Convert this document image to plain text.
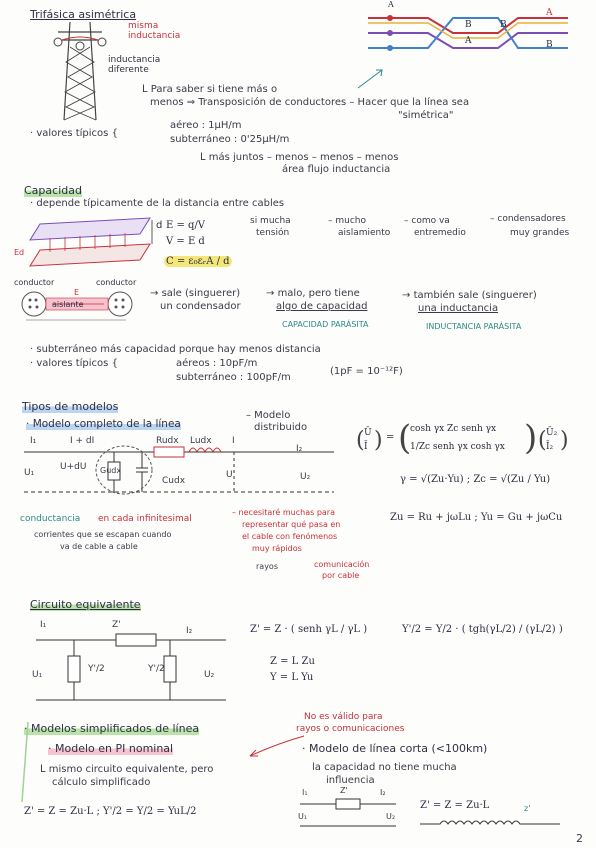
Trifásica asimétrica
misma inductancia
inductancia diferente
A
A
B
B
A
B
ᒪ Para saber si tiene más o
menos ⇒ Transposición de conductores – Hacer que la línea sea
"simétrica"
· valores típicos {
aéreo : 1μH/m
subterráneo : 0'25μH/m
ᒪ más juntos – menos – menos – menos
área flujo inductancia
Capacidad
· depende típicamente de la distancia entre cables
Ed
d E = q/V
V = E d
C = ε₀εᵣA / d
si mucha
tensión
– mucho
aislamiento
– como va
entremedio
– condensadores
muy grandes
conductor	conductor
E
aislante
→ sale (singuerer)
un condensador
→ malo, pero tiene
algo de capacidad
CAPACIDAD PARÁSITA
→ también sale (singuerer)
una inductancia
INDUCTANCIA PARÁSITA
· subterráneo más capacidad porque hay menos distancia
· valores típicos {	aéreos : 10pF/m
subterráneo : 100pF/m
(1pF = 10⁻¹²F)
Tipos de modelos
· Modelo completo de la línea
– Modelo
distribuido
I₁	I + dI	Rudx Ludx I
I₂
U₁
U+dU Gudx
Cudx
U	U₂
conductancia en cada infinitesimal
corrientes que se escapan cuando
va de cable a cable
– necesitaré muchas para
representar qué pasa en
el cable con fenómenos
muy rápidos
rayos	comunicación
por cable
( Ū
Ī ) = (
cosh γx Zc senh γx
1/Zc senh γx cosh γx ) ( Ū₂
Ī₂ )
γ = √(Zu·Yu) ; Zc = √(Zu / Yu)
Zu = Ru + jωLu ; Yu = Gu + jωCu
Circuito equivalente
I₁	Z'
I₂
U₁
Y'/2	Y'/2
U₂
Z' = Z · ( senh γL / γL )	Y'/2 = Y/2 · ( tgh(γL/2) / (γL/2) )
Z = L Zu
Y = L Yu
· Modelos simplificados de línea
No es válido para
rayos o comunicaciones
· Modelo en PI nominal
ᒪ mismo circuito equivalente, pero
cálculo simplificado
Z' = Z = Zu·L ; Y'/2 = Y/2 = YuL/2
· Modelo de línea corta (<100km)
la capacidad no tiene mucha
influencia
I₁	Z'	I₂
U₁	U₂
Z' = Z = Zu·L	z'
2
